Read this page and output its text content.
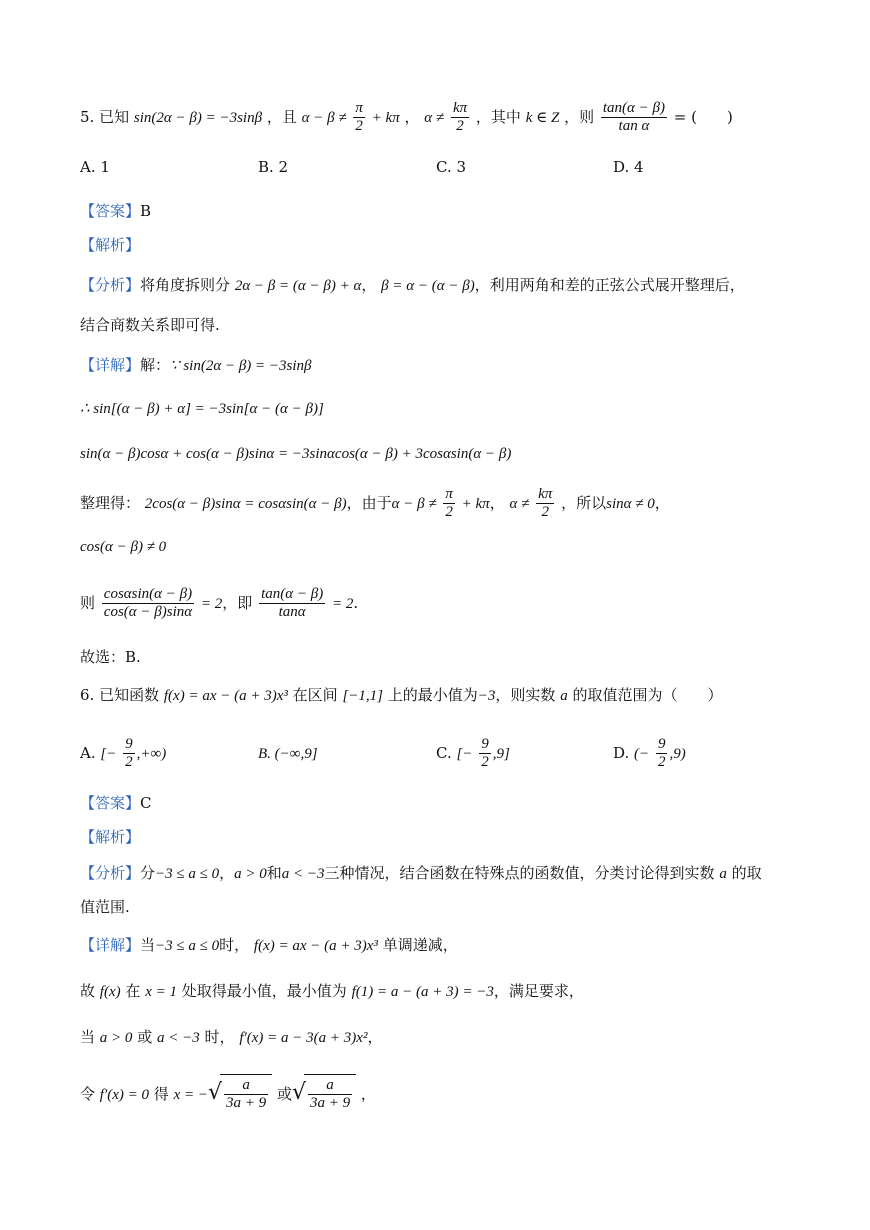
5. 已知 sin(2α − β) = −3sinβ ，且 $\alpha - \beta \ne \frac{\pi}{2} + k\pi$ ， $\alpha \ne \frac{k\pi}{2}$ ，其中 k ∈ Z ，则 $\frac{\tan(\alpha - \beta)}{\text{tan α}}$ = (　　)
A. 1	B. 2	C. 3	D. 4
【答案】B
【解析】
【分析】将角度拆则分 2α − β = (α − β) + α， β = α − (α − β)，利用两角和差的正弦公式展开整理后，
结合商数关系即可得.
【详解】解：∵ sin(2α − β) = −3sinβ
∴ sin[(α − β) + α] = −3sin[α − (α − β)]
sin(α − β)cosα + cos(α − β)sinα = −3sinαcos(α − β) + 3cosαsin(α − β)
整理得： 2cos(α − β)sinα = cosαsin(α − β)，由于$\alpha - \beta \ne \frac{\pi}{2} + k\pi$， $\alpha \ne \frac{k\pi}{2}$ ，所以sinα ≠ 0，
cos(α − β) ≠ 0
则 $\frac{\cos\alpha\sin(\alpha - \beta)}{\cos(\alpha - \beta)\sin\alpha} = 2$，即 $\frac{\tan(\alpha - \beta)}{\tan\alpha} = 2$.
故选：B.
6. 已知函数 f(x) = ax − (a + 3)x³ 在区间 [−1,1] 上的最小值为−3，则实数 a 的取值范围为（　　）
A. [− $\frac{9}{2}$ ,+∞)	B. (−∞,9]	C. [− $\frac{9}{2} ,9$]	D. (− $\frac{9}{2} ,9$)
【答案】C
【解析】
【分析】分−3 ≤ a ≤ 0，a > 0和a < −3三种情况，结合函数在特殊点的函数值，分类讨论得到实数 a 的取
值范围.
【详解】当−3 ≤ a ≤ 0时， f(x) = ax − (a + 3)x³ 单调递减，
故 f(x) 在 x = 1 处取得最小值，最小值为 f(1) = a − (a + 3) = −3，满足要求，
当 a > 0 或 a < −3 时， f′(x) = a − 3(a + 3)x²，
令 f′(x) = 0 得 x = −√ $\frac{a}{3a + 9}$ 或√ $\frac{a}{3a + 9}$ ，
